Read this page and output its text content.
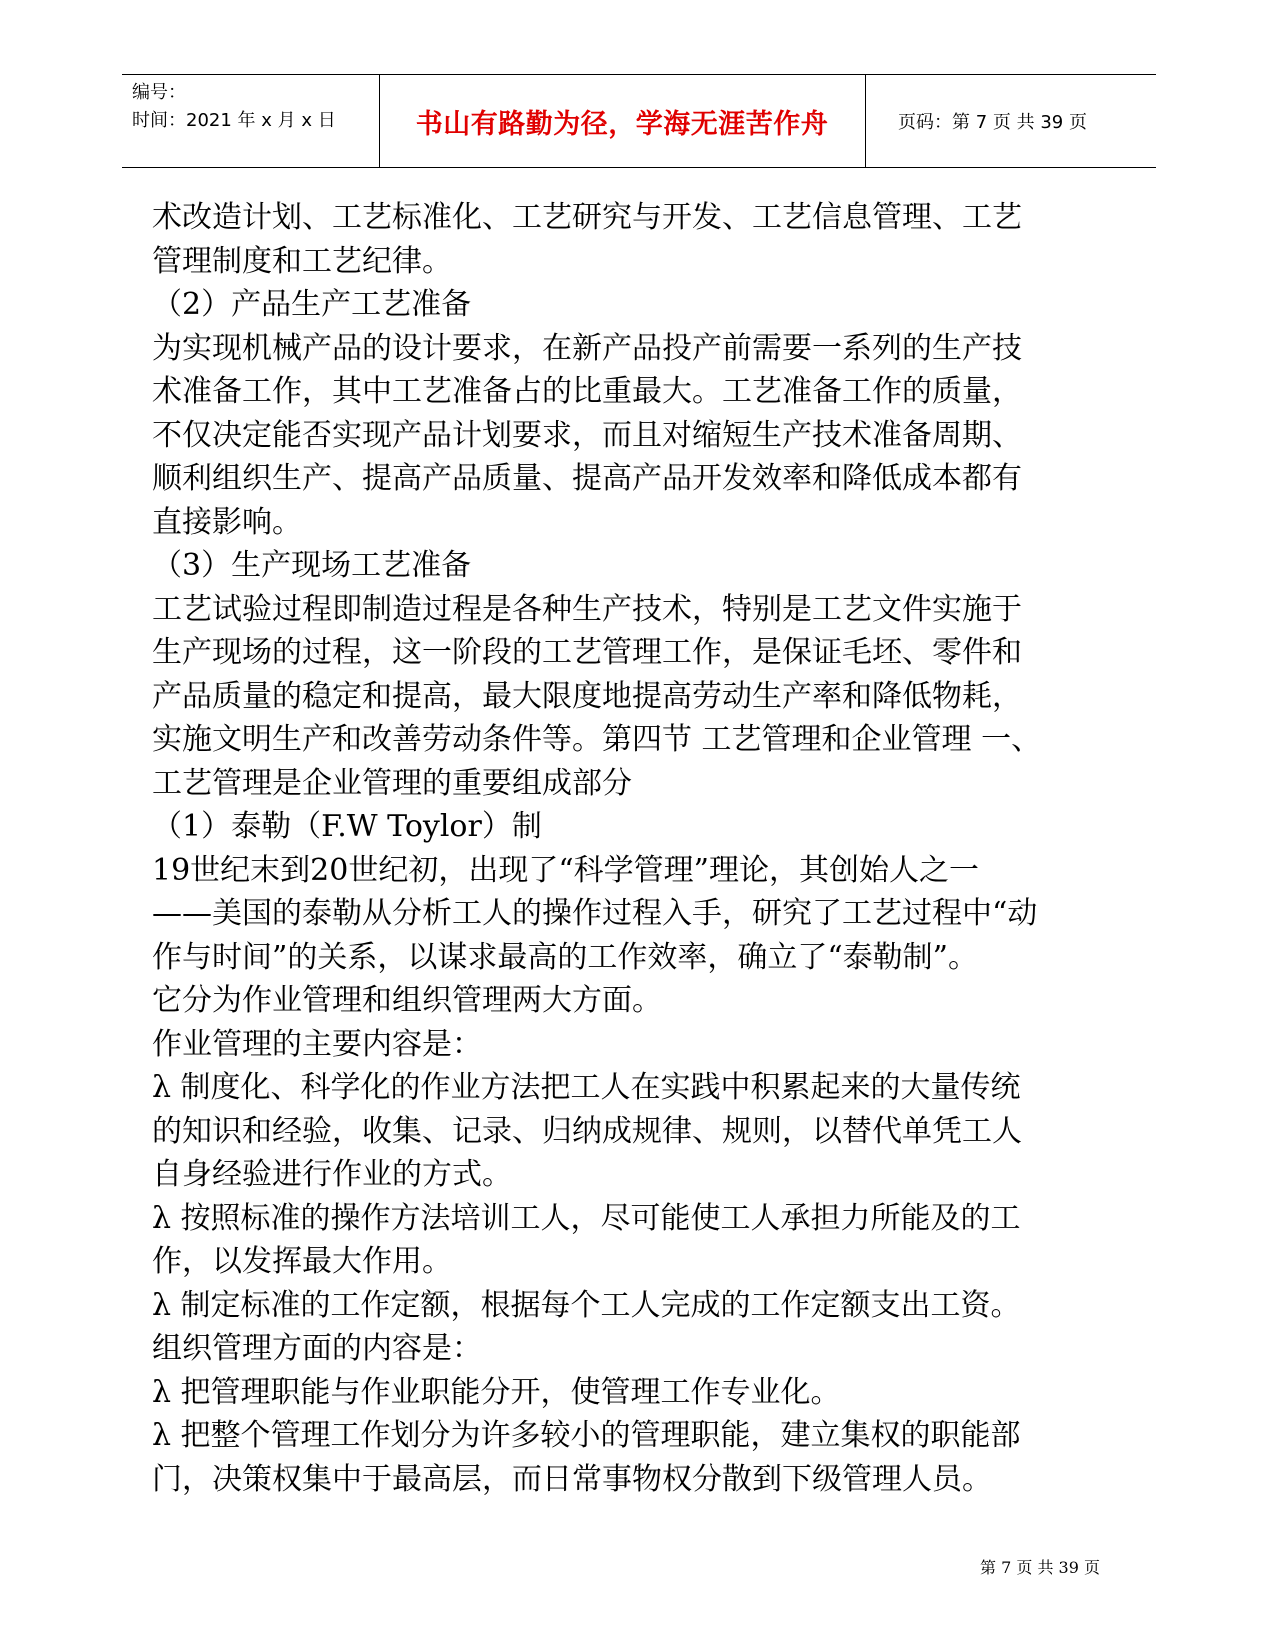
编号：
时间：2021 年 x 月 x 日	书山有路勤为径，学海无涯苦作舟	页码：第 7 页 共 39 页

术改造计划、工艺标准化、工艺研究与开发、工艺信息管理、工艺

管理制度和工艺纪律。

（2）产品生产工艺准备

为实现机械产品的设计要求，在新产品投产前需要一系列的生产技

术准备工作，其中工艺准备占的比重最大。工艺准备工作的质量，

不仅决定能否实现产品计划要求，而且对缩短生产技术准备周期、

顺利组织生产、提高产品质量、提高产品开发效率和降低成本都有

直接影响。

（3）生产现场工艺准备

工艺试验过程即制造过程是各种生产技术，特别是工艺文件实施于

生产现场的过程，这一阶段的工艺管理工作，是保证毛坯、零件和

产品质量的稳定和提高，最大限度地提高劳动生产率和降低物耗，

实施文明生产和改善劳动条件等。第四节 工艺管理和企业管理 一、

工艺管理是企业管理的重要组成部分

（1）泰勒（F.W Toylor）制

19世纪末到20世纪初，出现了“科学管理”理论，其创始人之一

——美国的泰勒从分析工人的操作过程入手，研究了工艺过程中“动

作与时间”的关系，以谋求最高的工作效率，确立了“泰勒制”。

它分为作业管理和组织管理两大方面。

作业管理的主要内容是：

λ 制度化、科学化的作业方法把工人在实践中积累起来的大量传统

的知识和经验，收集、记录、归纳成规律、规则，以替代单凭工人

自身经验进行作业的方式。

λ 按照标准的操作方法培训工人，尽可能使工人承担力所能及的工

作，以发挥最大作用。

λ 制定标准的工作定额，根据每个工人完成的工作定额支出工资。

组织管理方面的内容是：

λ 把管理职能与作业职能分开，使管理工作专业化。

λ 把整个管理工作划分为许多较小的管理职能，建立集权的职能部

门，决策权集中于最高层，而日常事物权分散到下级管理人员。

第 7 页 共 39 页
